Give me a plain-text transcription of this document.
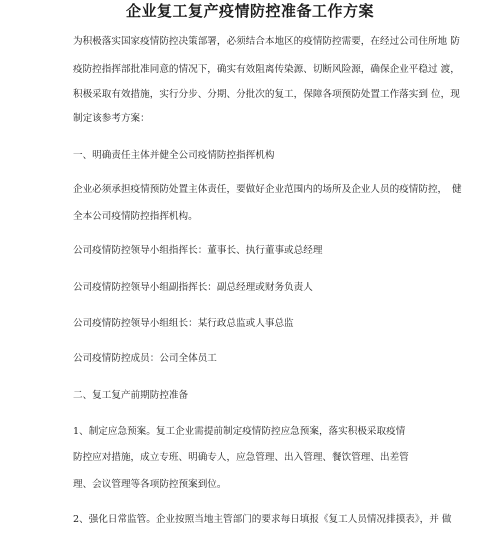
企业复工复产疫情防控准备工作方案
为积极落实国家疫情防控决策部署，必须结合本地区的疫情防控需要，在经过公司住所地 防
疫防控指挥部批准同意的情况下，确实有效阻离传染源、切断风险源，确保企业平稳过 渡，
积极采取有效措施，实行分步、分期、分批次的复工，保障各项预防处置工作落实到 位，现
制定该参考方案：
一、明确责任主体并健全公司疫情防控指挥机构
企业必须承担疫情预防处置主体责任，要做好企业范围内的场所及企业人员的疫情防控，　健
全本公司疫情防控指挥机构。
公司疫情防控领导小组指挥长：董事长、执行董事或总经理
公司疫情防控领导小组副指挥长：副总经理或财务负责人
公司疫情防控领导小组组长：某行政总监或人事总监
公司疫情防控成员：公司全体员工
二、复工复产前期防控准备
1、制定应急预案。复工企业需提前制定疫情防控应急预案，落实积极采取疫情
防控应对措施，成立专班、明确专人，应急管理、出入管理、餐饮管理、出差管
理、会议管理等各项防控预案到位。
2、强化日常监管。企业按照当地主管部门的要求每日填报《复工人员情况排摸表》，并 做
